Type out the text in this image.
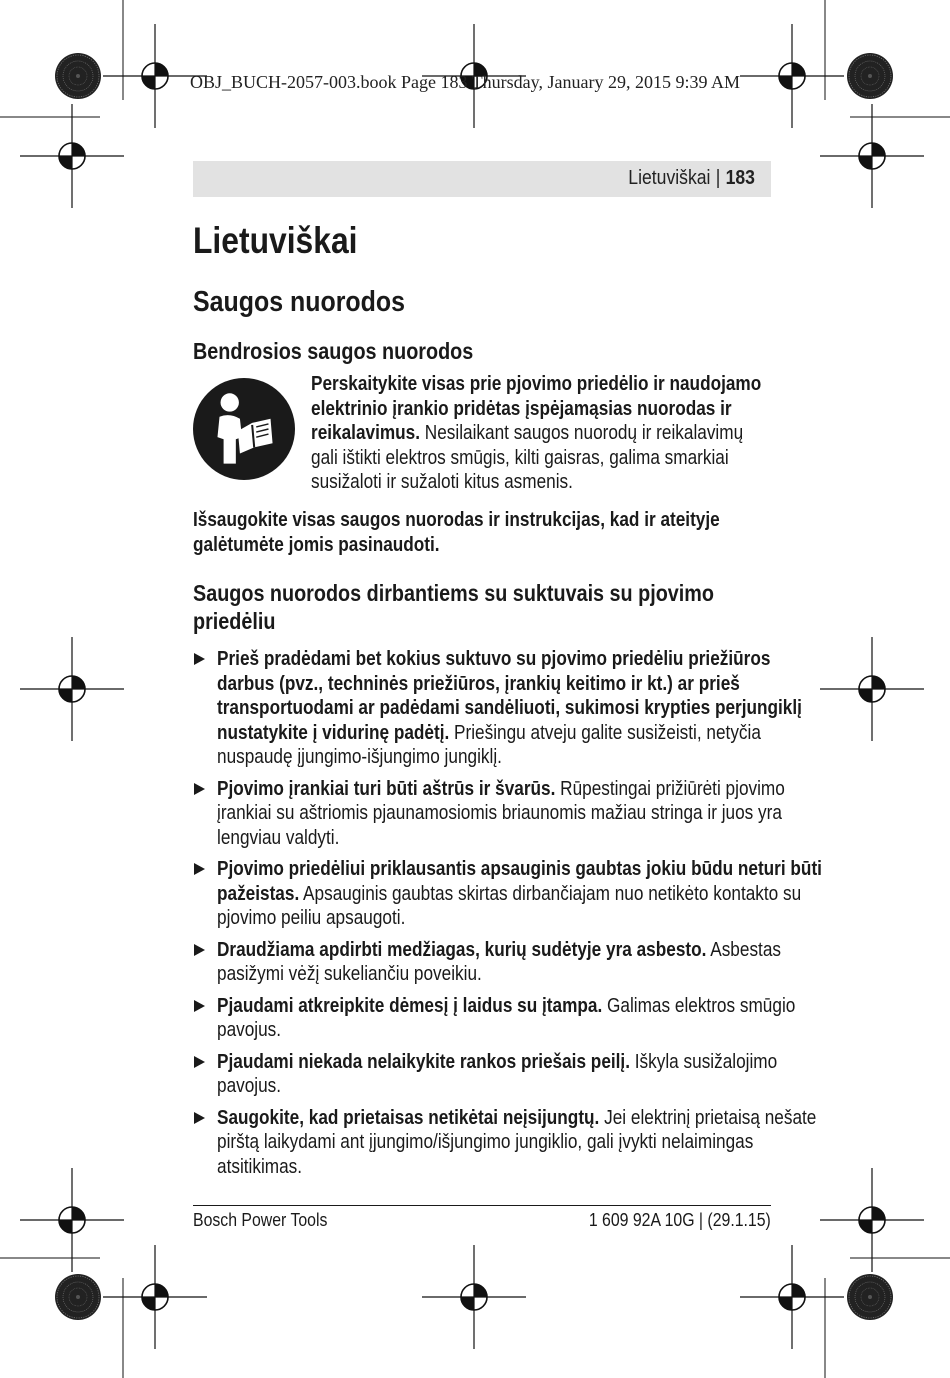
OBJ_BUCH-2057-003.book Page 183 Thursday, January 29, 2015 9:39 AM
Lietuviškai | 183
Lietuviškai
Saugos nuorodos
Bendrosios saugos nuorodos
Perskaitykite visas prie pjovimo priedėlio ir naudojamo elektrinio įrankio pridėtas įspėjamąsias nuorodas ir reikalavimus. Nesilaikant saugos nuorodų ir reikalavimų gali ištikti elektros smūgis, kilti gaisras, galima smarkiai susižaloti ir sužaloti kitus asmenis.
Išsaugokite visas saugos nuorodas ir instrukcijas, kad ir ateityje galėtumėte jomis pasinaudoti.
Saugos nuorodos dirbantiems su suktuvais su pjovimo priedėliu
Prieš pradėdami bet kokius suktuvo su pjovimo priedėliu priežiūros darbus (pvz., techninės priežiūros, įrankių keitimo ir kt.) ar prieš transportuodami ar padėdami sandėliuoti, sukimosi krypties perjungiklį nustatykite į vidurinę padėtį. Priešingu atveju galite susižeisti, netyčia nuspaudę įjungimo-išjungimo jungiklį.
Pjovimo įrankiai turi būti aštrūs ir švarūs. Rūpestingai prižiūrėti pjovimo įrankiai su aštriomis pjaunamosiomis briaunomis mažiau stringa ir juos yra lengviau valdyti.
Pjovimo priedėliui priklausantis apsauginis gaubtas jokiu būdu neturi būti pažeistas. Apsauginis gaubtas skirtas dirbančiajam nuo netikėto kontakto su pjovimo peiliu apsaugoti.
Draudžiama apdirbti medžiagas, kurių sudėtyje yra asbesto. Asbestas pasižymi vėžį sukeliančiu poveikiu.
Pjaudami atkreipkite dėmesį į laidus su įtampa. Galimas elektros smūgio pavojus.
Pjaudami niekada nelaikykite rankos priešais peilį. Iškyla susižalojimo pavojus.
Saugokite, kad prietaisas netikėtai neįsijungtų. Jei elektrinį prietaisą nešate pirštą laikydami ant įjungimo/išjungimo jungiklio, gali įvykti nelaimingas atsitikimas.
Bosch Power Tools	1 609 92A 10G | (29.1.15)
